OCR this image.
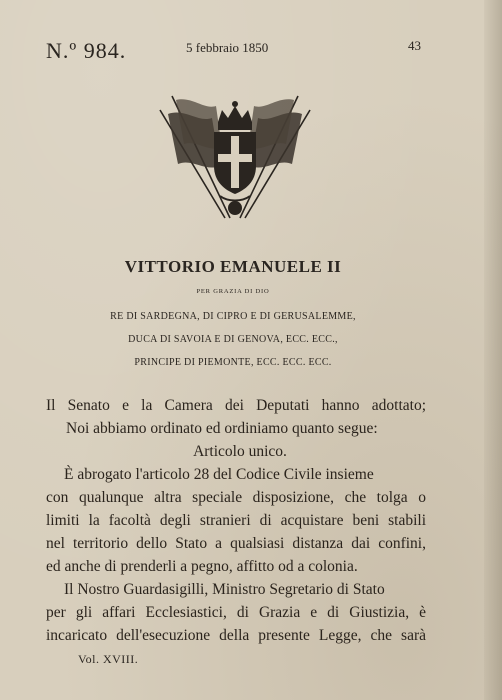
N.º 984.	5 febbraio 1850	43
VITTORIO EMANUELE II
PER GRAZIA DI DIO
RE DI SARDEGNA, DI CIPRO E DI GERUSALEMME,
DUCA DI SAVOIA E DI GENOVA, ECC. ECC.,
PRINCIPE DI PIEMONTE, ECC. ECC. ECC.
Il Senato e la Camera dei Deputati hanno adottato;
Noi abbiamo ordinato ed ordiniamo quanto segue:
Articolo unico.
È abrogato l'articolo 28 del Codice Civile insieme
con qualunque altra speciale disposizione, che tolga o
limiti la facoltà degli stranieri di acquistare beni stabili
nel territorio dello Stato a qualsiasi distanza dai confini,
ed anche di prenderli a pegno, affitto od a colonia.
Il Nostro Guardasigilli, Ministro Segretario di Stato
per gli affari Ecclesiastici, di Grazia e di Giustizia, è
incaricato dell'esecuzione della presente Legge, che sarà
Vol. XVIII.
